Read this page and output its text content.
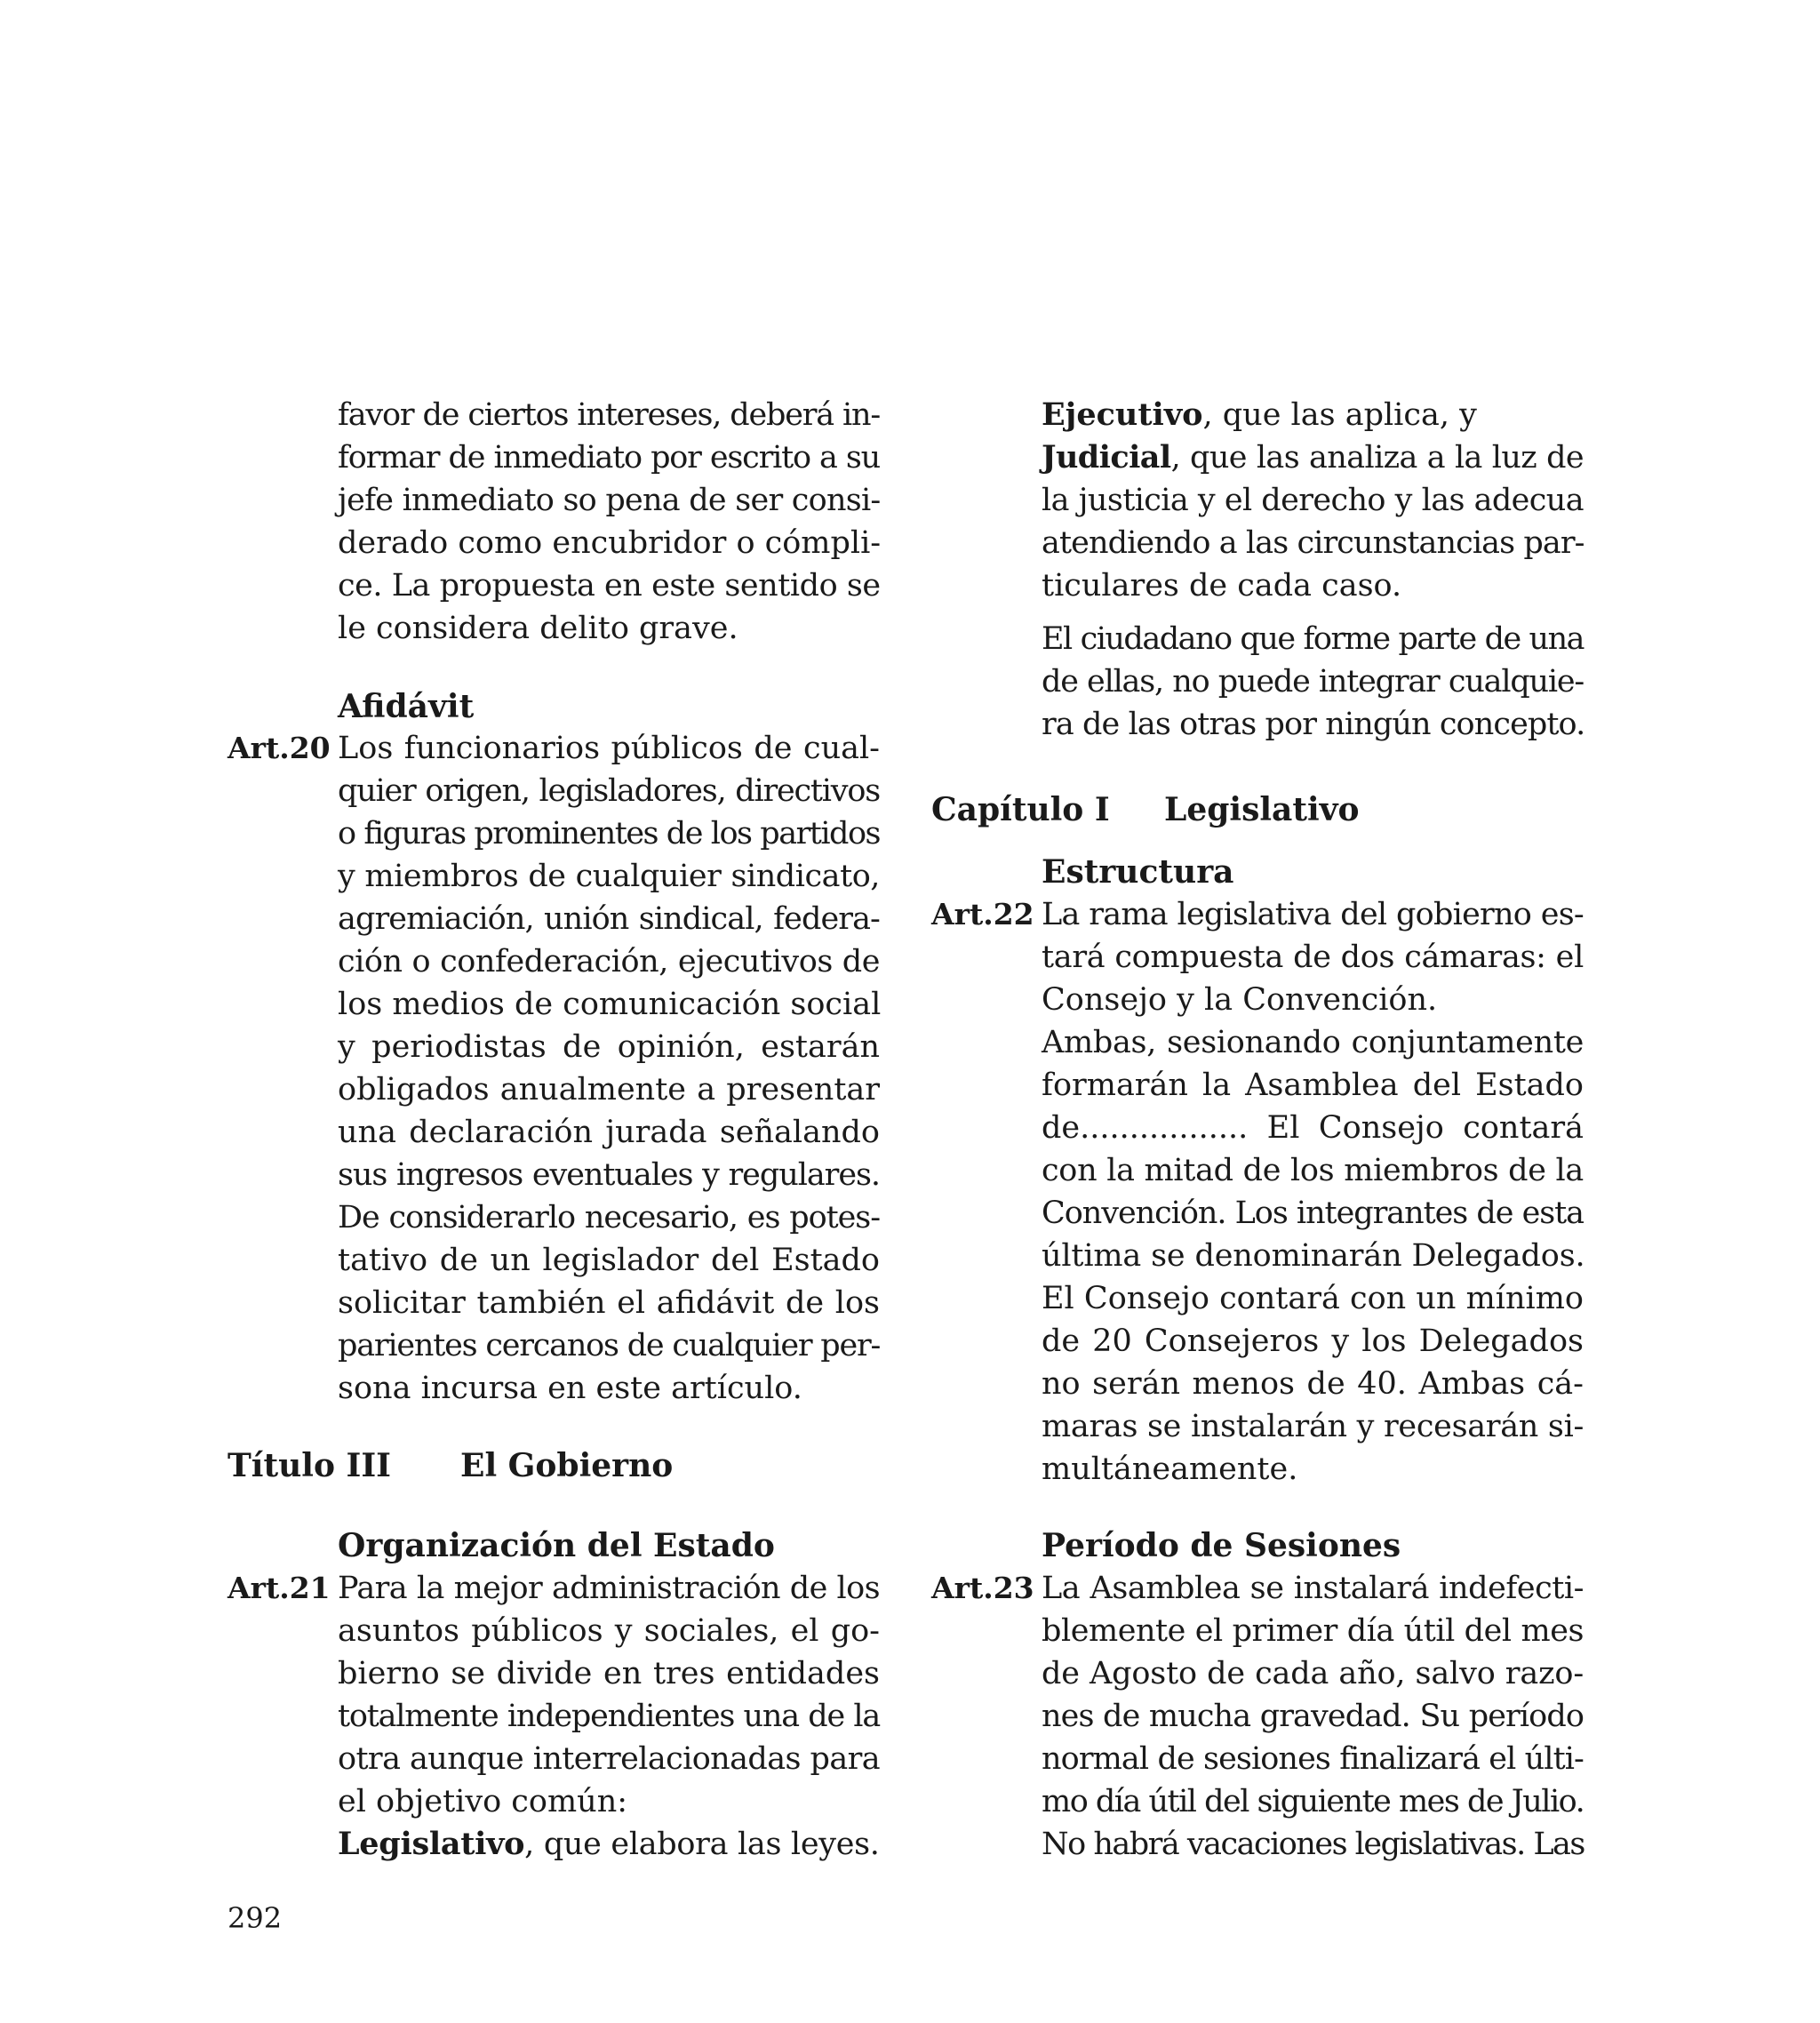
favor de ciertos intereses, deberá in-
formar de inmediato por escrito a su
jefe inmediato so pena de ser consi-
derado como encubridor o cómpli-
ce. La propuesta en este sentido se
le considera delito grave.
Afidávit
Art.20 Los funcionarios públicos de cual-
quier origen, legisladores, directivos
o figuras prominentes de los partidos
y miembros de cualquier sindicato,
agremiación, unión sindical, federa-
ción o confederación, ejecutivos de
los medios de comunicación social
y periodistas de opinión, estarán
obligados anualmente a presentar
una declaración jurada señalando
sus ingresos eventuales y regulares.
De considerarlo necesario, es potes-
tativo de un legislador del Estado
solicitar también el afidávit de los
parientes cercanos de cualquier per-
sona incursa en este artículo.
Título III El Gobierno
Organización del Estado
Art.21 Para la mejor administración de los
asuntos públicos y sociales, el go-
bierno se divide en tres entidades
totalmente independientes una de la
otra aunque interrelacionadas para
el objetivo común:
Legislativo, que elabora las leyes.
Ejecutivo, que las aplica, y
Judicial, que las analiza a la luz de
la justicia y el derecho y las adecua
atendiendo a las circunstancias par-
ticulares de cada caso.
El ciudadano que forme parte de una
de ellas, no puede integrar cualquie-
ra de las otras por ningún concepto.
Capítulo I Legislativo
Estructura
Art.22 La rama legislativa del gobierno es-
tará compuesta de dos cámaras: el
Consejo y la Convención.
Ambas, sesionando conjuntamente
formarán la Asamblea del Estado
de................. El Consejo contará
con la mitad de los miembros de la
Convención. Los integrantes de esta
última se denominarán Delegados.
El Consejo contará con un mínimo
de 20 Consejeros y los Delegados
no serán menos de 40. Ambas cá-
maras se instalarán y recesarán si-
multáneamente.
Período de Sesiones
Art.23 La Asamblea se instalará indefecti-
blemente el primer día útil del mes
de Agosto de cada año, salvo razo-
nes de mucha gravedad. Su período
normal de sesiones finalizará el últi-
mo día útil del siguiente mes de Julio.
No habrá vacaciones legislativas. Las
292
